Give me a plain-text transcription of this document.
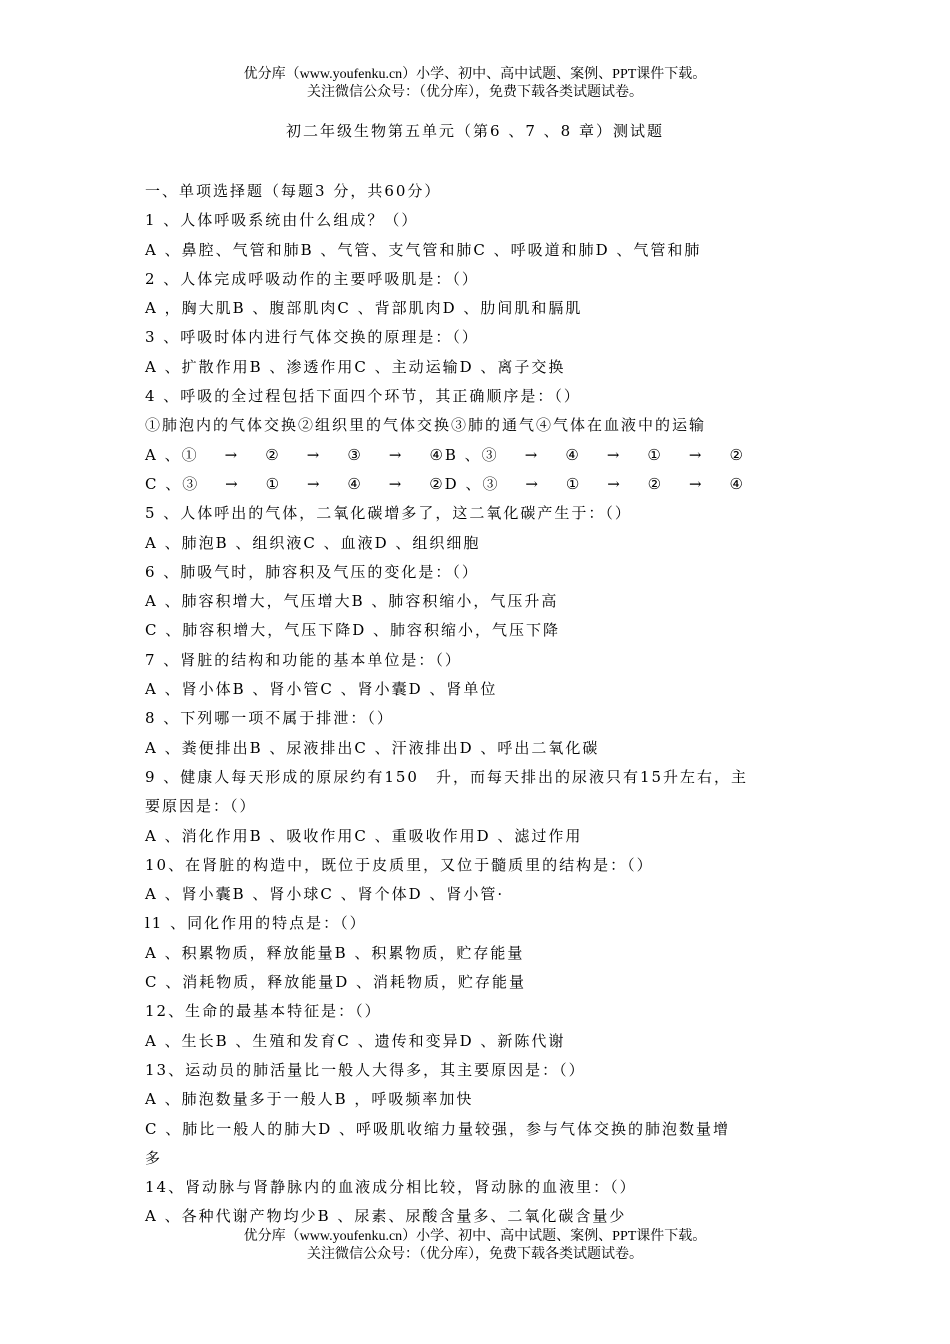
优分库（www.youfenku.cn）小学、初中、高中试题、案例、PPT课件下载。
关注微信公众号：（优分库），免费下载各类试题试卷。
初二年级生物第五单元（第6 、7 、8 章）测试题
一、单项选择题（每题3 分，共60分）
1 、人体呼吸系统由什么组成？（）
A 、鼻腔、气管和肺B 、气管、支气管和肺C 、呼吸道和肺D 、气管和肺
2 、人体完成呼吸动作的主要呼吸肌是：（）
A ，胸大肌B 、腹部肌肉C 、背部肌肉D 、肋间肌和膈肌
3 、呼吸时体内进行气体交换的原理是：（）
A 、扩散作用B 、渗透作用C 、主动运输D 、离子交换
4 、呼吸的全过程包括下面四个环节，其正确顺序是：（）
①肺泡内的气体交换②组织里的气体交换③肺的通气④气体在血液中的运输
A 、① → ② → ③ → ④B 、③ → ④ → ① → ②
C 、③ → ① → ④ → ②D 、③ → ① → ② → ④
5 、人体呼出的气体，二氧化碳增多了，这二氧化碳产生于：（）
A 、肺泡B 、组织液C 、血液D 、组织细胞
6 、肺吸气时，肺容积及气压的变化是：（）
A 、肺容积增大，气压增大B 、肺容积缩小，气压升高
C 、肺容积增大，气压下降D 、肺容积缩小，气压下降
7 、肾脏的结构和功能的基本单位是：（）
A 、肾小体B 、肾小管C 、肾小囊D 、肾单位
8 、下列哪一项不属于排泄：（）
A 、粪便排出B 、尿液排出C 、汗液排出D 、呼出二氧化碳
9 、健康人每天形成的原尿约有150　升，而每天排出的尿液只有15升左右，主
要原因是：（）
A 、消化作用B 、吸收作用C 、重吸收作用D 、滤过作用
10、在肾脏的构造中，既位于皮质里，又位于髓质里的结构是：（）
A 、肾小囊B 、肾小球C 、肾个体D 、肾小管·
l1 、同化作用的特点是：（）
A 、积累物质，释放能量B 、积累物质，贮存能量
C 、消耗物质，释放能量D 、消耗物质，贮存能量
12、生命的最基本特征是：（）
A 、生长B 、生殖和发育C 、遗传和变异D 、新陈代谢
13、运动员的肺活量比一般人大得多，其主要原因是：（）
A 、肺泡数量多于一般人B ，呼吸频率加快
C 、肺比一般人的肺大D 、呼吸肌收缩力量较强，参与气体交换的肺泡数量增
多
14、肾动脉与肾静脉内的血液成分相比较，肾动脉的血液里：（）
A 、各种代谢产物均少B 、尿素、尿酸含量多、二氧化碳含量少
优分库（www.youfenku.cn）小学、初中、高中试题、案例、PPT课件下载。
关注微信公众号：（优分库），免费下载各类试题试卷。
